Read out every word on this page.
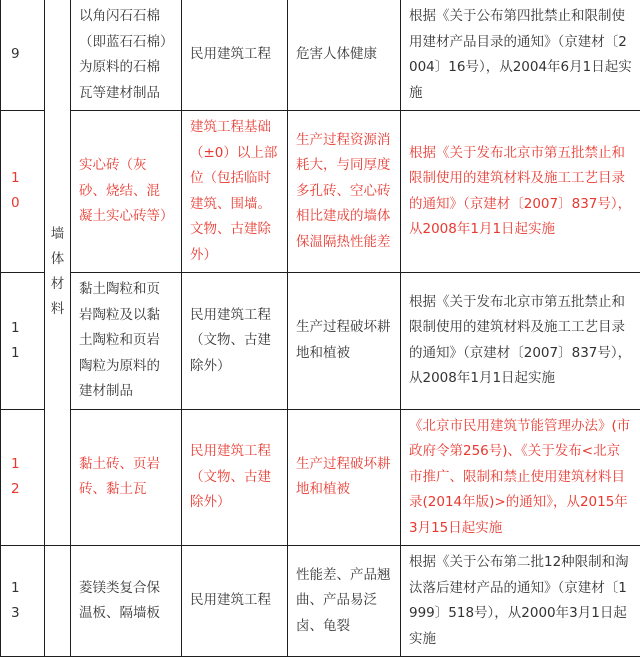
9	墙体材料	以角闪石石棉（即蓝石石棉）为原料的石棉瓦等建材制品	民用建筑工程	危害人体健康	根据《关于公布第四批禁止和限制使用建材产品目录的通知》（京建材〔2004〕16号），从2004年6月1日起实施
10		实心砖（灰砂、烧结、混凝土实心砖等）	建筑工程基础（±0）以上部位（包括临时建筑、围墙。文物、古建除外）	生产过程资源消耗大，与同厚度多孔砖、空心砖相比建成的墙体保温隔热性能差	根据《关于发布北京市第五批禁止和限制使用的建筑材料及施工工艺目录的通知》（京建材〔2007〕837号），从2008年1月1日起实施
11		黏土陶粒和页岩陶粒及以黏土陶粒和页岩陶粒为原料的建材制品	民用建筑工程（文物、古建除外）	生产过程破坏耕地和植被	根据《关于发布北京市第五批禁止和限制使用的建筑材料及施工工艺目录的通知》（京建材〔2007〕837号），从2008年1月1日起实施
12		黏土砖、页岩砖、黏土瓦	民用建筑工程（文物、古建除外）	生产过程破坏耕地和植被	《北京市民用建筑节能管理办法》(市政府令第256号)、《关于发布<北京市推广、限制和禁止使用建筑材料目录(2014年版)>的通知》，从2015年3月15日起实施
13		菱镁类复合保温板、隔墙板	民用建筑工程	性能差、产品翘曲、产品易泛卤、龟裂	根据《关于公布第二批12种限制和淘汰落后建材产品的通知》（京建材〔1999〕518号），从2000年3月1日起实施
